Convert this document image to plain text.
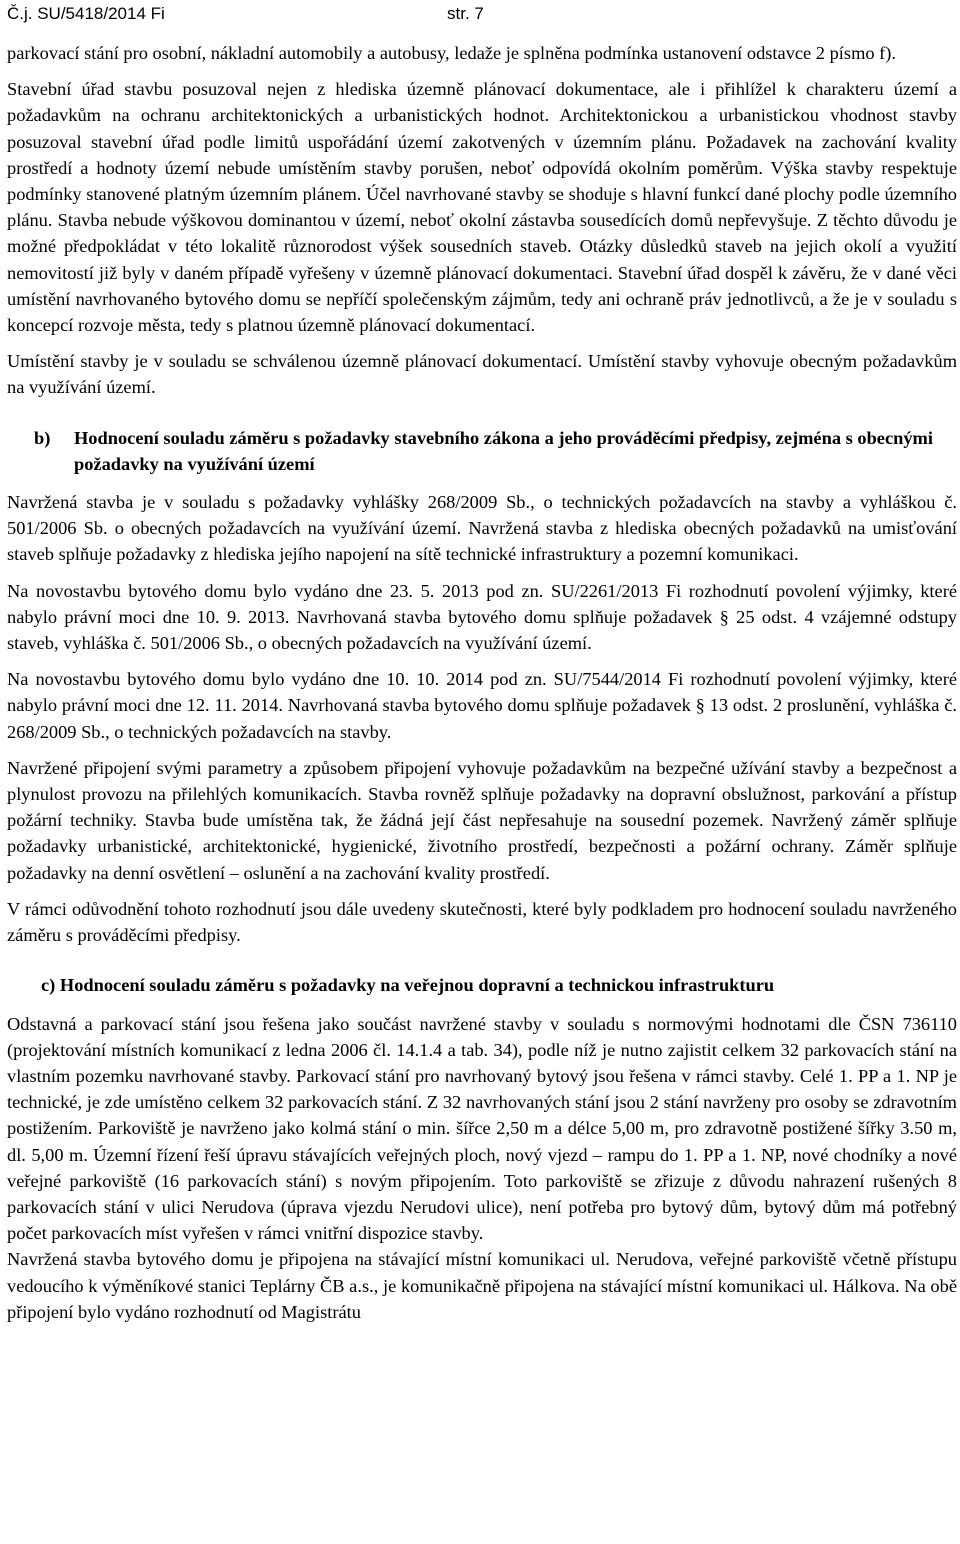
Č.j. SU/5418/2014 Fi	str. 7

parkovací stání pro osobní, nákladní automobily a autobusy, ledaže je splněna podmínka ustanovení odstavce 2 písmo f).

Stavební úřad stavbu posuzoval nejen z hlediska územně plánovací dokumentace, ale i přihlížel k charakteru území a požadavkům na ochranu architektonických a urbanistických hodnot. Architektonickou a urbanistickou vhodnost stavby posuzoval stavební úřad podle limitů uspořádání území zakotvených v územním plánu. Požadavek na zachování kvality prostředí a hodnoty území nebude umístěním stavby porušen, neboť odpovídá okolním poměrům. Výška stavby respektuje podmínky stanovené platným územním plánem. Účel navrhované stavby se shoduje s hlavní funkcí dané plochy podle územního plánu. Stavba nebude výškovou dominantou v území, neboť okolní zástavba sousedících domů nepřevyšuje. Z těchto důvodu je možné předpokládat v této lokalitě různorodost výšek sousedních staveb. Otázky důsledků staveb na jejich okolí a využití nemovitostí již byly v daném případě vyřešeny v územně plánovací dokumentaci. Stavební úřad dospěl k závěru, že v dané věci umístění navrhovaného bytového domu se nepříčí společenským zájmům, tedy ani ochraně práv jednotlivců, a že je v souladu s koncepcí rozvoje města, tedy s platnou územně plánovací dokumentací.

Umístění stavby je v souladu se schválenou územně plánovací dokumentací. Umístění stavby vyhovuje obecným požadavkům na využívání území.

b)	Hodnocení souladu záměru s požadavky stavebního zákona a jeho prováděcími předpisy, zejména s obecnými požadavky na využívání území

Navržená stavba je v souladu s požadavky vyhlášky 268/2009 Sb., o technických požadavcích na stavby a vyhláškou č. 501/2006 Sb. o obecných požadavcích na využívání území. Navržená stavba z hlediska obecných požadavků na umisťování staveb splňuje požadavky z hlediska jejího napojení na sítě technické infrastruktury a pozemní komunikaci.

Na novostavbu bytového domu bylo vydáno dne 23. 5. 2013 pod zn. SU/2261/2013 Fi rozhodnutí povolení výjimky, které nabylo právní moci dne 10. 9. 2013. Navrhovaná stavba bytového domu splňuje požadavek § 25 odst. 4 vzájemné odstupy staveb, vyhláška č. 501/2006 Sb., o obecných požadavcích na využívání území.

Na novostavbu bytového domu bylo vydáno dne 10. 10. 2014 pod zn. SU/7544/2014 Fi rozhodnutí povolení výjimky, které nabylo právní moci dne 12. 11. 2014. Navrhovaná stavba bytového domu splňuje požadavek § 13 odst. 2 proslunění, vyhláška č. 268/2009 Sb., o technických požadavcích na stavby.

Navržené připojení svými parametry a způsobem připojení vyhovuje požadavkům na bezpečné užívání stavby a bezpečnost a plynulost provozu na přilehlých komunikacích. Stavba rovněž splňuje požadavky na dopravní obslužnost, parkování a přístup požární techniky. Stavba bude umístěna tak, že žádná její část nepřesahuje na sousední pozemek. Navržený záměr splňuje požadavky urbanistické, architektonické, hygienické, životního prostředí, bezpečnosti a požární ochrany. Záměr splňuje požadavky na denní osvětlení – oslunění a na zachování kvality prostředí.

V rámci odůvodnění tohoto rozhodnutí jsou dále uvedeny skutečnosti, které byly podkladem pro hodnocení souladu navrženého záměru s prováděcími předpisy.

c) Hodnocení souladu záměru s požadavky na veřejnou dopravní a technickou infrastrukturu

Odstavná a parkovací stání jsou řešena jako součást navržené stavby v souladu s normovými hodnotami dle ČSN 736110 (projektování místních komunikací z ledna 2006 čl. 14.1.4 a tab. 34), podle níž je nutno zajistit celkem 32 parkovacích stání na vlastním pozemku navrhované stavby. Parkovací stání pro navrhovaný bytový jsou řešena v rámci stavby. Celé 1. PP a 1. NP je technické, je zde umístěno celkem 32 parkovacích stání. Z 32 navrhovaných stání jsou 2 stání navrženy pro osoby se zdravotním postižením. Parkoviště je navrženo jako kolmá stání o min. šířce 2,50 m a délce 5,00 m, pro zdravotně postižené šířky 3.50 m, dl. 5,00 m. Územní řízení řeší úpravu stávajících veřejných ploch, nový vjezd – rampu do 1. PP a 1. NP, nové chodníky a nové veřejné parkoviště (16 parkovacích stání) s novým připojením. Toto parkoviště se zřizuje z důvodu nahrazení rušených 8 parkovacích stání v ulici Nerudova (úprava vjezdu Nerudovi ulice), není potřeba pro bytový dům, bytový dům má potřebný počet parkovacích míst vyřešen v rámci vnitřní dispozice stavby.

Navržená stavba bytového domu je připojena na stávající místní komunikaci ul. Nerudova, veřejné parkoviště včetně přístupu vedoucího k výměníkové stanici Teplárny ČB a.s., je komunikačně připojena na stávající místní komunikaci ul. Hálkova. Na obě připojení bylo vydáno rozhodnutí od Magistrátu
